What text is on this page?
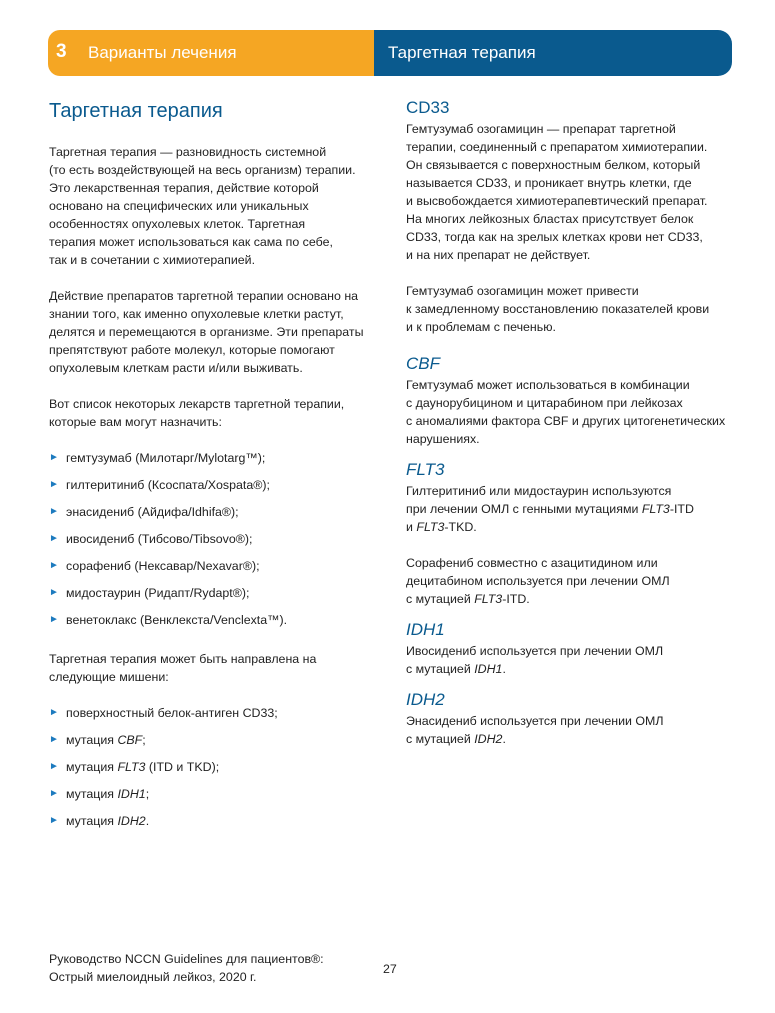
3 Варианты лечения	Таргетная терапия
Таргетная терапия

Таргетная терапия — разновидность системной
(то есть воздействующей на весь организм) терапии.
Это лекарственная терапия, действие которой
основано на специфических или уникальных
особенностях опухолевых клеток. Таргетная
терапия может использоваться как сама по себе,
так и в сочетании с химиотерапией.

Действие препаратов таргетной терапии основано на
знании того, как именно опухолевые клетки растут,
делятся и перемещаются в организме. Эти препараты
препятствуют работе молекул, которые помогают
опухолевым клеткам расти и/или выживать.

Вот список некоторых лекарств таргетной терапии,
которые вам могут назначить:

► гемтузумаб (Милотарг/Mylotarg™);
► гилтеритиниб (Ксоспата/Xospata®);
► энасидениб (Айдифа/Idhifa®);
► ивосидениб (Тибсово/Tibsovo®);
► сорафениб (Нексавар/Nexavar®);
► мидостаурин (Ридапт/Rydapt®);
► венетоклакс (Венклекста/Venclexta™).

Таргетная терапия может быть направлена на
следующие мишени:

► поверхностный белок-антиген CD33;
► мутация CBF;
► мутация FLT3 (ITD и TKD);
► мутация IDH1;
► мутация IDH2.
CD33

Гемтузумаб озогамицин — препарат таргетной
терапии, соединенный с препаратом химиотерапии.
Он связывается с поверхностным белком, который
называется CD33, и проникает внутрь клетки, где
и высвобождается химиотерапевтический препарат.
На многих лейкозных бластах присутствует белок
CD33, тогда как на зрелых клетках крови нет CD33,
и на них препарат не действует.

Гемтузумаб озогамицин может привести
к замедленному восстановлению показателей крови
и к проблемам с печенью.

CBF

Гемтузумаб может использоваться в комбинации
с даунорубицином и цитарабином при лейкозах
с аномалиями фактора CBF и других цитогенетических
нарушениях.

FLT3

Гилтеритиниб или мидостаурин используются
при лечении ОМЛ с генными мутациями FLT3-ITD
и FLT3-TKD.

Сорафениб совместно с азацитидином или
децитабином используется при лечении ОМЛ
с мутацией FLT3-ITD.

IDH1

Ивосидениб используется при лечении ОМЛ
с мутацией IDH1.

IDH2

Энасидениб используется при лечении ОМЛ
с мутацией IDH2.

Руководство NCCN Guidelines для пациентов®:
Острый миелоидный лейкоз, 2020 г.
27
